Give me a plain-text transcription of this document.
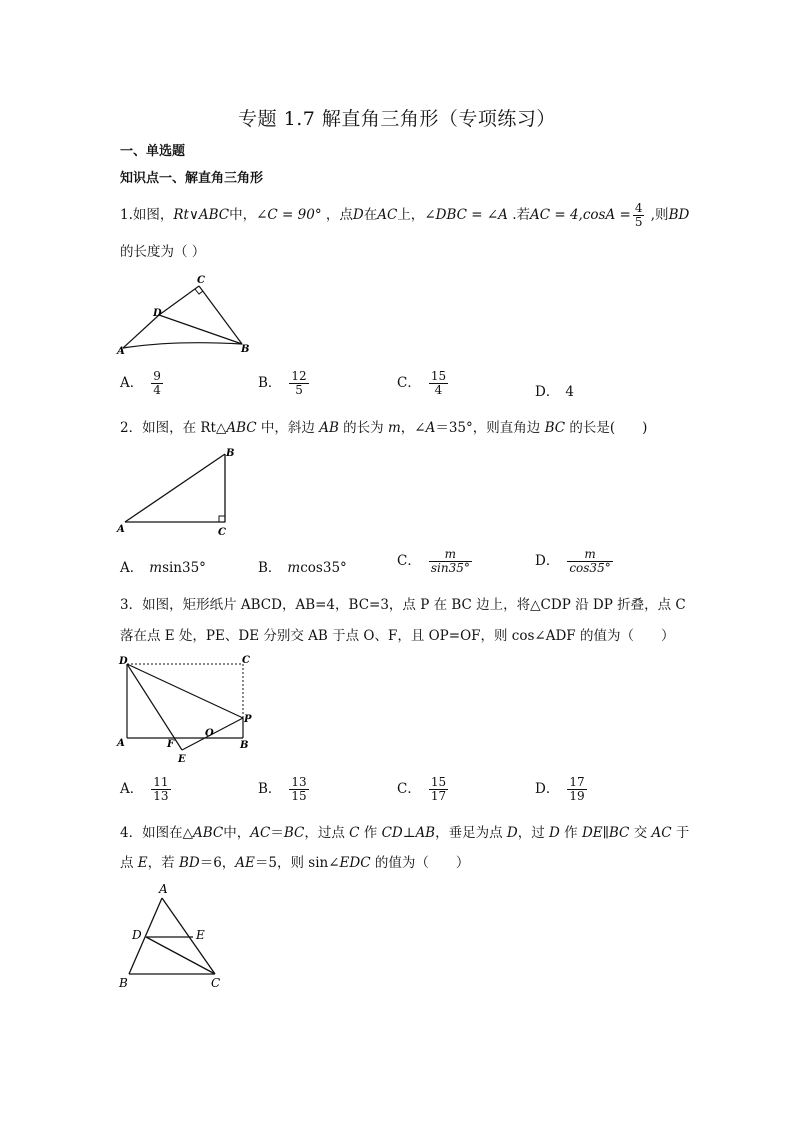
专题 1.7 解直角三角形（专项练习）
一、单选题
知识点一、解直角三角形
1.如图，Rt∨ABC中，∠C = 90° ，点D在AC上，∠DBC = ∠A .若AC = $4,\cos A = \frac{4}{5}$ ,则BD
的长度为（ ）
A	B
C
D
A． $\frac{9}{4}$	B． $\frac{12}{5}$	C． $\frac{15}{4}$	D． 4
2．如图，在 Rt△ABC 中，斜边 AB 的长为 m，∠A＝35°，则直角边 BC 的长是(　　)
A
B
C
A． msin35°	B． mcos35°	C． $\frac{m}{\sin 35^\circ}$	D． $\frac{m}{\cos 35^\circ}$
3．如图，矩形纸片 ABCD，AB=4，BC=3，点 P 在 BC 边上，将△CDP 沿 DP 折叠，点 C
落在点 E 处，PE、DE 分别交 AB 于点 O、F，且 OP=OF，则 cos∠ADF 的值为（　　）
A	B
C
D
E
F
O
P
A． $\frac{11}{13}$	B． $\frac{13}{15}$	C． $\frac{15}{17}$	D． $\frac{17}{19}$
4．如图在△ABC中，AC＝BC，过点 C 作 CD⊥AB，垂足为点 D，过 D 作 DE∥BC 交 AC 于
点 E，若 BD＝6，AE＝5，则 sin∠EDC 的值为（　　）
A
B	C
D	E
